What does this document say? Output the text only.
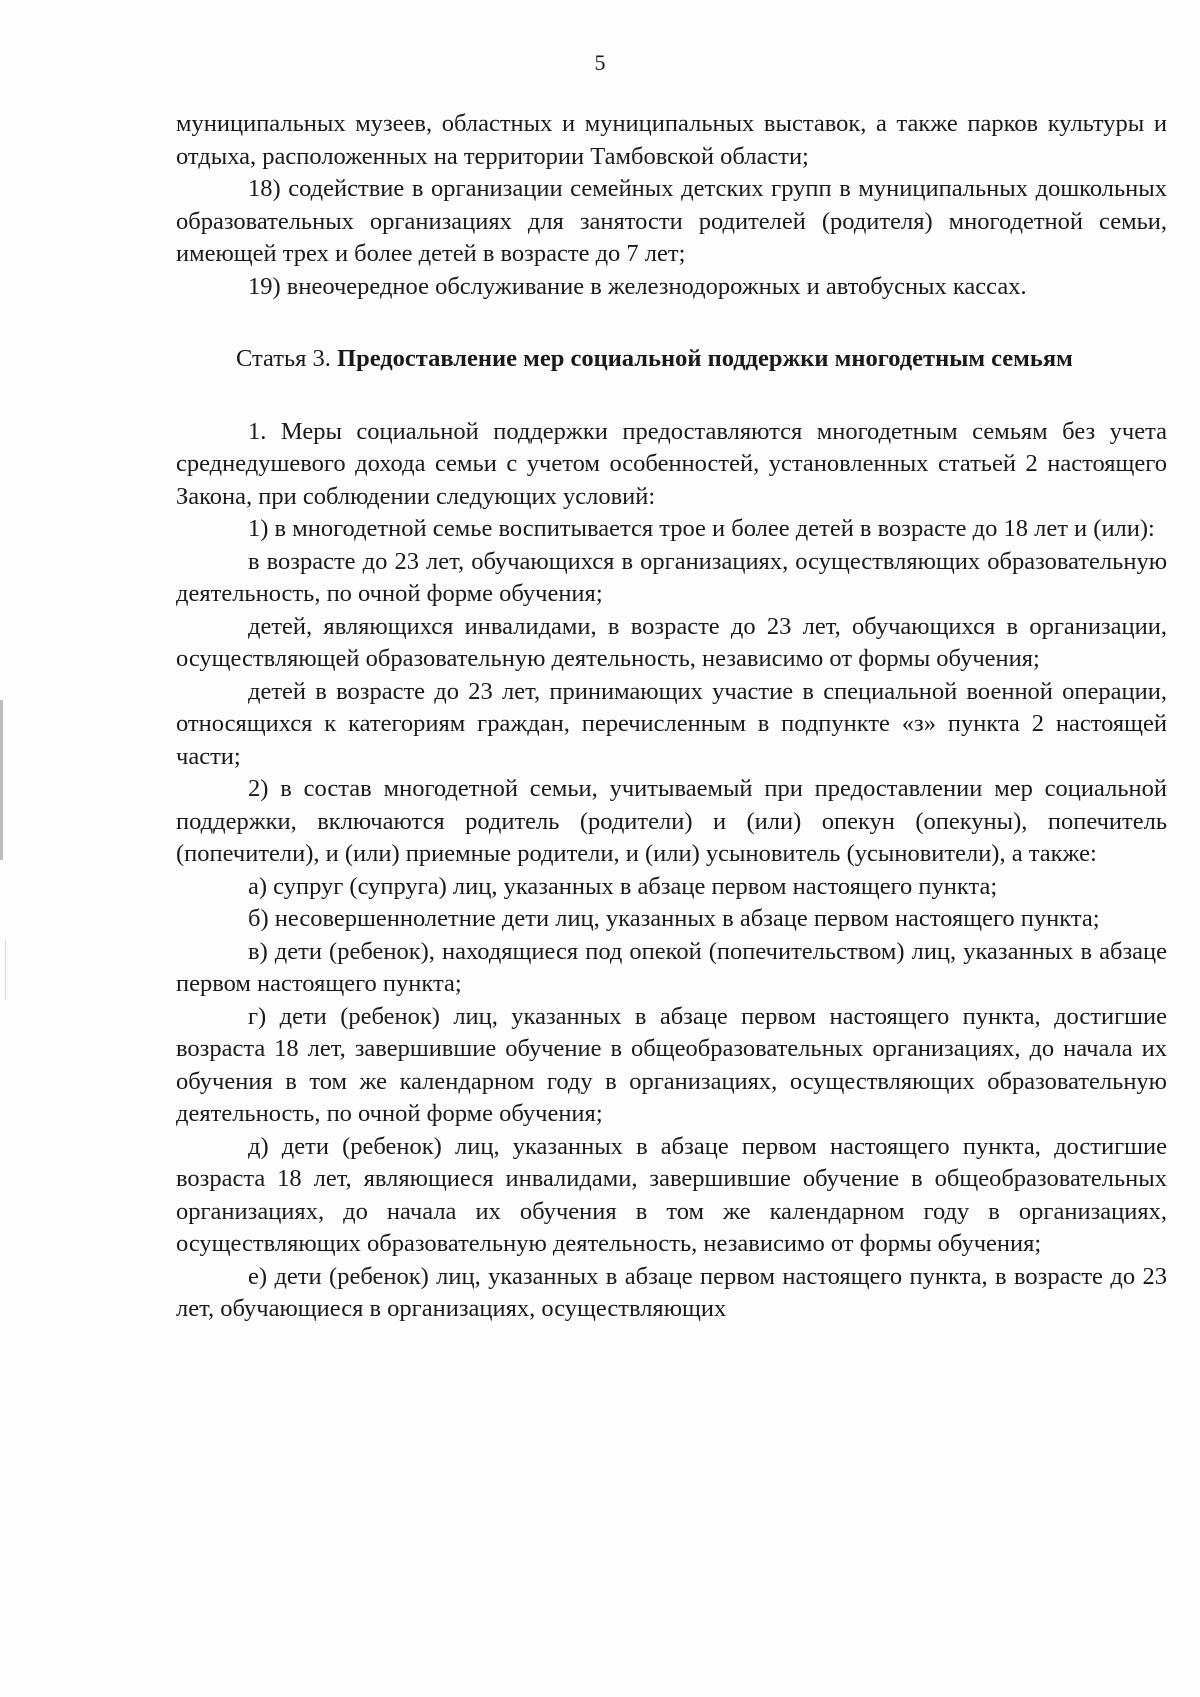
5

муниципальных музеев, областных и муниципальных выставок, а также парков культуры и отдыха, расположенных на территории Тамбовской области;

18) содействие в организации семейных детских групп в муниципальных дошкольных образовательных организациях для занятости родителей (родителя) многодетной семьи, имеющей трех и более детей в возрасте до 7 лет;

19) внеочередное обслуживание в железнодорожных и автобусных кассах.

Статья 3. Предоставление мер социальной поддержки многодетным семьям

1. Меры социальной поддержки предоставляются многодетным семьям без учета среднедушевого дохода семьи с учетом особенностей, установленных статьей 2 настоящего Закона, при соблюдении следующих условий:

1) в многодетной семье воспитывается трое и более детей в возрасте до 18 лет и (или):

в возрасте до 23 лет, обучающихся в организациях, осуществляющих образовательную деятельность, по очной форме обучения;

детей, являющихся инвалидами, в возрасте до 23 лет, обучающихся в организации, осуществляющей образовательную деятельность, независимо от формы обучения;

детей в возрасте до 23 лет, принимающих участие в специальной военной операции, относящихся к категориям граждан, перечисленным в подпункте «з» пункта 2 настоящей части;

2) в состав многодетной семьи, учитываемый при предоставлении мер социальной поддержки, включаются родитель (родители) и (или) опекун (опекуны), попечитель (попечители), и (или) приемные родители, и (или) усыновитель (усыновители), а также:

а) супруг (супруга) лиц, указанных в абзаце первом настоящего пункта;

б) несовершеннолетние дети лиц, указанных в абзаце первом настоящего пункта;

в) дети (ребенок), находящиеся под опекой (попечительством) лиц, указанных в абзаце первом настоящего пункта;

г) дети (ребенок) лиц, указанных в абзаце первом настоящего пункта, достигшие возраста 18 лет, завершившие обучение в общеобразовательных организациях, до начала их обучения в том же календарном году в организациях, осуществляющих образовательную деятельность, по очной форме обучения;

д) дети (ребенок) лиц, указанных в абзаце первом настоящего пункта, достигшие возраста 18 лет, являющиеся инвалидами, завершившие обучение в общеобразовательных организациях, до начала их обучения в том же календарном году в организациях, осуществляющих образовательную деятельность, независимо от формы обучения;

е) дети (ребенок) лиц, указанных в абзаце первом настоящего пункта, в возрасте до 23 лет, обучающиеся в организациях, осуществляющих
